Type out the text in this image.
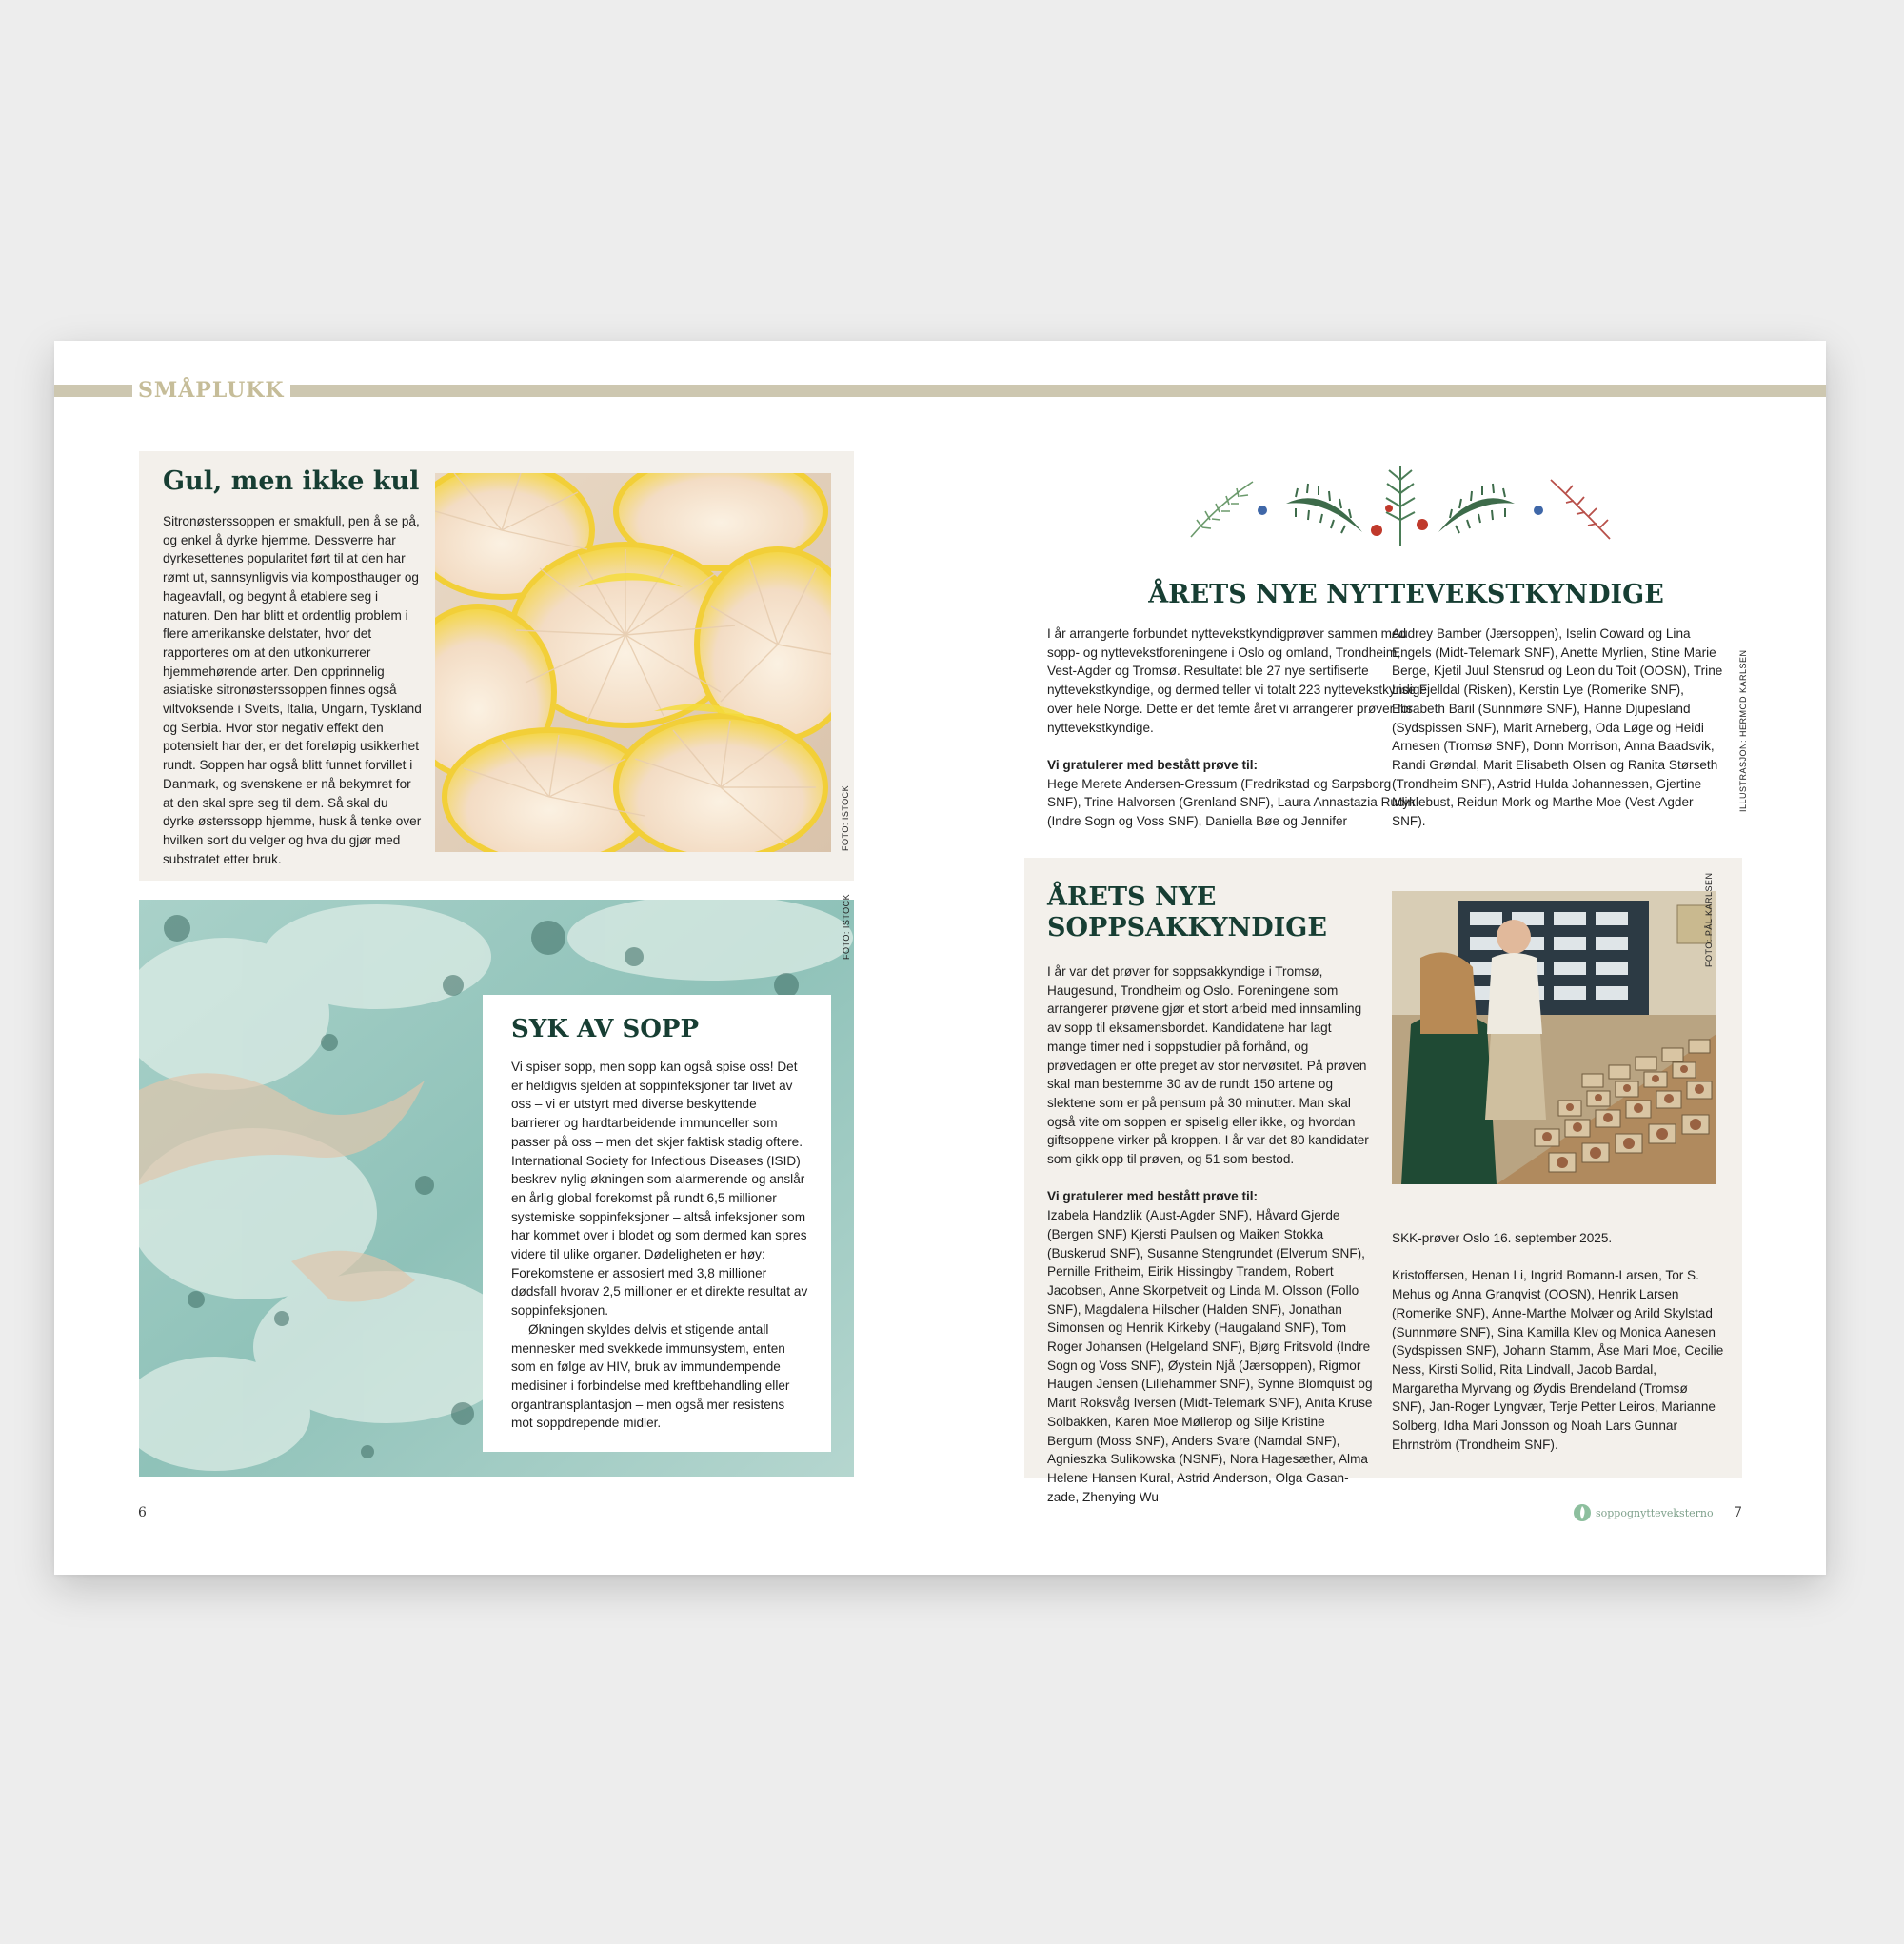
SMÅPLUKK
Gul, men ikke kul

Sitronøsterssoppen er smakfull, pen å se på, og enkel å dyrke hjemme. Dessverre har dyrkesettenes popularitet ført til at den har rømt ut, sannsynligvis via komposthauger og hageavfall, og begynt å etablere seg i naturen. Den har blitt et ordentlig problem i flere amerikanske delstater, hvor det rapporteres om at den utkonkurrerer hjemmehørende arter. Den opprinnelig asiatiske sitronøsterssoppen finnes også viltvoksende i Sveits, Italia, Ungarn, Tyskland og Serbia. Hvor stor negativ effekt den potensielt har der, er det foreløpig usikkerhet rundt. Soppen har også blitt funnet forvillet i Danmark, og svenskene er nå bekymret for at den skal spre seg til dem. Så skal du dyrke østerssopp hjemme, husk å tenke over hvilken sort du velger og hva du gjør med substratet etter bruk.

FOTO: ISTOCK
FOTO: ISTOCK
SYK AV SOPP

Vi spiser sopp, men sopp kan også spise oss! Det er heldigvis sjelden at soppinfeksjoner tar livet av oss – vi er utstyrt med diverse beskyttende barrierer og hardtarbeidende immunceller som passer på oss – men det skjer faktisk stadig oftere. International Society for Infectious Diseases (ISID) beskrev nylig økningen som alarmerende og anslår en årlig global forekomst på rundt 6,5 millioner systemiske soppinfeksjoner – altså infeksjoner som har kommet over i blodet og som dermed kan spres videre til ulike organer. Dødeligheten er høy: Forekomstene er assosiert med 3,8 millioner dødsfall hvorav 2,5 millioner er et direkte resultat av soppinfeksjonen.

Økningen skyldes delvis et stigende antall mennesker med svekkede immunsystem, enten som en følge av HIV, bruk av immundempende medisiner i forbindelse med kreftbehandling eller organtransplantasjon – men også mer resistens mot soppdrepende midler.

ÅRETS NYE NYTTEVEKSTKYNDIGE

I år arrangerte forbundet nyttevekstkyndigprøver sammen med sopp- og nyttevekstforeningene i Oslo og omland, Trondheim, Vest-Agder og Tromsø. Resultatet ble 27 nye sertifiserte nyttevekstkyndige, og dermed teller vi totalt 223 nyttevekstkyndige over hele Norge. Dette er det femte året vi arrangerer prøver for nyttevekstkyndige.

Vi gratulerer med bestått prøve til:

Hege Merete Andersen-Gressum (Fredrikstad og Sarpsborg SNF), Trine Halvorsen (Grenland SNF), Laura Annastazia Rudin (Indre Sogn og Voss SNF), Daniella Bøe og Jennifer

Audrey Bamber (Jærsoppen), Iselin Coward og Lina Engels (Midt-Telemark SNF), Anette Myrlien, Stine Marie Berge, Kjetil Juul Stensrud og Leon du Toit (OOSN), Trine Lise Fjelldal (Risken), Kerstin Lye (Romerike SNF), Elisabeth Baril (Sunnmøre SNF), Hanne Djupesland (Sydspissen SNF), Marit Arneberg, Oda Løge og Heidi Arnesen (Tromsø SNF), Donn Morrison, Anna Baadsvik, Randi Grøndal, Marit Elisabeth Olsen og Ranita Størseth (Trondheim SNF), Astrid Hulda Johannessen, Gjertine Myklebust, Reidun Mork og Marthe Moe (Vest-Agder SNF).

ILLUSTRASJON: HERMOD KARLSEN
ÅRETS NYE
SOPPSAKKYNDIGE

I år var det prøver for soppsakkyndige i Tromsø, Haugesund, Trondheim og Oslo. Foreningene som arrangerer prøvene gjør et stort arbeid med innsamling av sopp til eksamensbordet. Kandidatene har lagt mange timer ned i soppstudier på forhånd, og prøvedagen er ofte preget av stor nervøsitet. På prøven skal man bestemme 30 av de rundt 150 artene og slektene som er på pensum på 30 minutter. Man skal også vite om soppen er spiselig eller ikke, og hvordan giftsoppene virker på kroppen. I år var det 80 kandidater som gikk opp til prøven, og 51 som bestod.

Vi gratulerer med bestått prøve til:

Izabela Handzlik (Aust-Agder SNF), Håvard Gjerde (Bergen SNF) Kjersti Paulsen og Maiken Stokka (Buskerud SNF), Susanne Stengrundet (Elverum SNF), Pernille Fritheim, Eirik Hissingby Trandem, Robert Jacobsen, Anne Skorpetveit og Linda M. Olsson (Follo SNF), Magdalena Hilscher (Halden SNF), Jonathan Simonsen og Henrik Kirkeby (Haugaland SNF), Tom Roger Johansen (Helgeland SNF), Bjørg Fritsvold (Indre Sogn og Voss SNF), Øystein Njå (Jærsoppen), Rigmor Haugen Jensen (Lillehammer SNF), Synne Blomquist og Marit Roksvåg Iversen (Midt-Telemark SNF), Anita Kruse Solbakken, Karen Moe Møllerop og Silje Kristine Bergum (Moss SNF), Anders Svare (Namdal SNF), Agnieszka Sulikowska (NSNF), Nora Hagesæther, Alma Helene Hansen Kural, Astrid Anderson, Olga Gasan-zade, Zhenying Wu

FOTO: PÅL KARLSEN

SKK-prøver Oslo 16. september 2025.

Kristoffersen, Henan Li, Ingrid Bomann-Larsen, Tor S. Mehus og Anna Granqvist (OOSN), Henrik Larsen (Romerike SNF), Anne-Marthe Molvær og Arild Skylstad (Sunnmøre SNF), Sina Kamilla Klev og Monica Aanesen (Sydspissen SNF), Johann Stamm, Åse Mari Moe, Cecilie Ness, Kirsti Sollid, Rita Lindvall, Jacob Bardal, Margaretha Myrvang og Øydis Brendeland (Tromsø SNF), Jan-Roger Lyngvær, Terje Petter Leiros, Marianne Solberg, Idha Mari Jonsson og Noah Lars Gunnar Ehrnström (Trondheim SNF).

6	soppognytteveksterno 7
